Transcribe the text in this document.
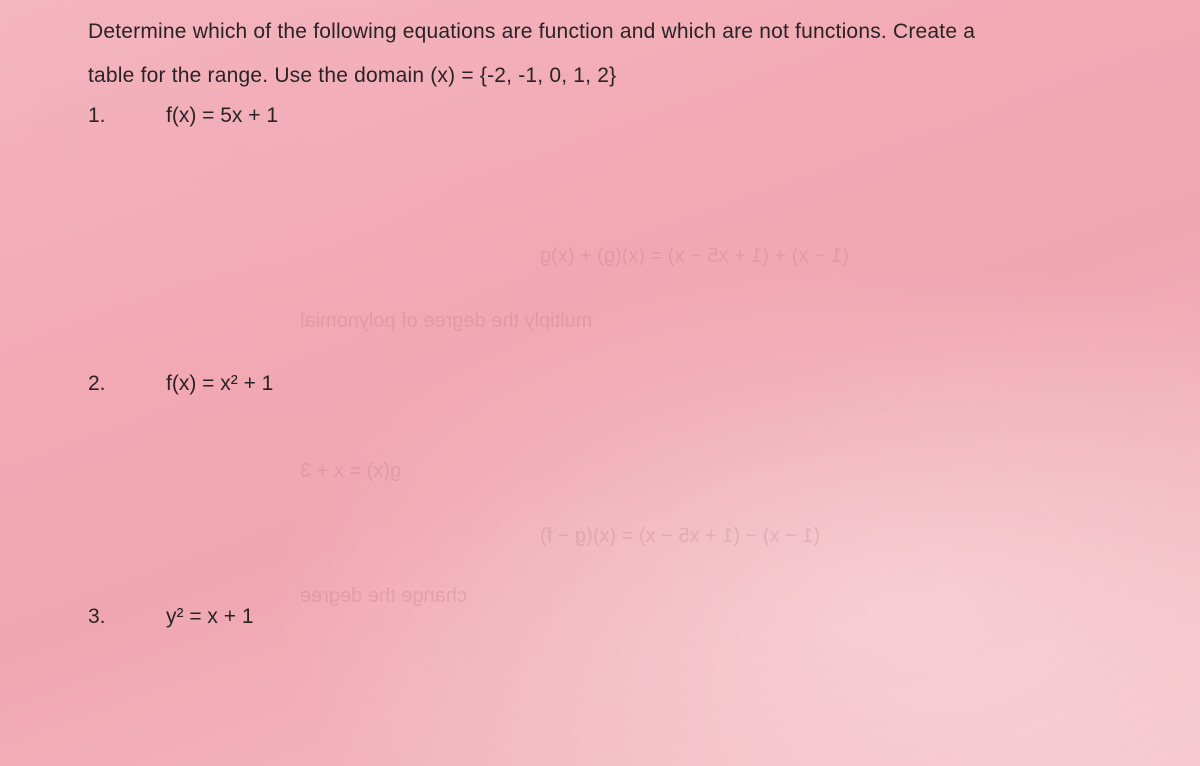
(1 − x) + (1 + x5 − x) = (x)(g) + (x)g
multiply the degree of polynomial
(1 − x) − (1 + x5 − x) = (x)(g − f)
change the degree
g(x) = x + 3

Determine which of the following equations are function and which are not functions. Create a

table for the range. Use the domain (x) = {-2, -1, 0, 1, 2}

1.	f(x) = 5x + 1
2.	f(x) = x² + 1
3.	y² = x + 1
